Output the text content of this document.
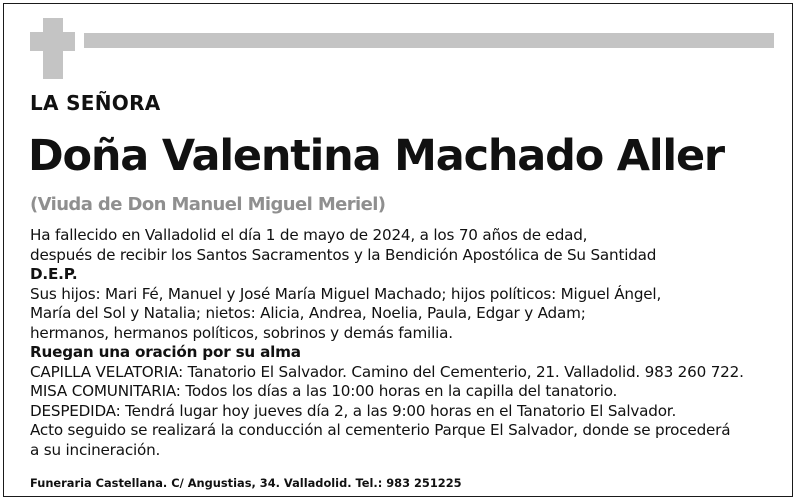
LA SEÑORA
Doña Valentina Machado Aller
(Viuda de Don Manuel Miguel Meriel)
Ha fallecido en Valladolid el día 1 de mayo de 2024, a los 70 años de edad,
después de recibir los Santos Sacramentos y la Bendición Apostólica de Su Santidad
D.E.P.
Sus hijos: Mari Fé, Manuel y José María Miguel Machado; hijos políticos: Miguel Ángel,
María del Sol y Natalia; nietos: Alicia, Andrea, Noelia, Paula, Edgar y Adam;
hermanos, hermanos políticos, sobrinos y demás familia.
Ruegan una oración por su alma
CAPILLA VELATORIA: Tanatorio El Salvador. Camino del Cementerio, 21. Valladolid. 983 260 722.
MISA COMUNITARIA: Todos los días a las 10:00 horas en la capilla del tanatorio.
DESPEDIDA: Tendrá lugar hoy jueves día 2, a las 9:00 horas en el Tanatorio El Salvador.
Acto seguido se realizará la conducción al cementerio Parque El Salvador, donde se procederá
a su incineración.
Funeraria Castellana. C/ Angustias, 34. Valladolid. Tel.: 983 251225
